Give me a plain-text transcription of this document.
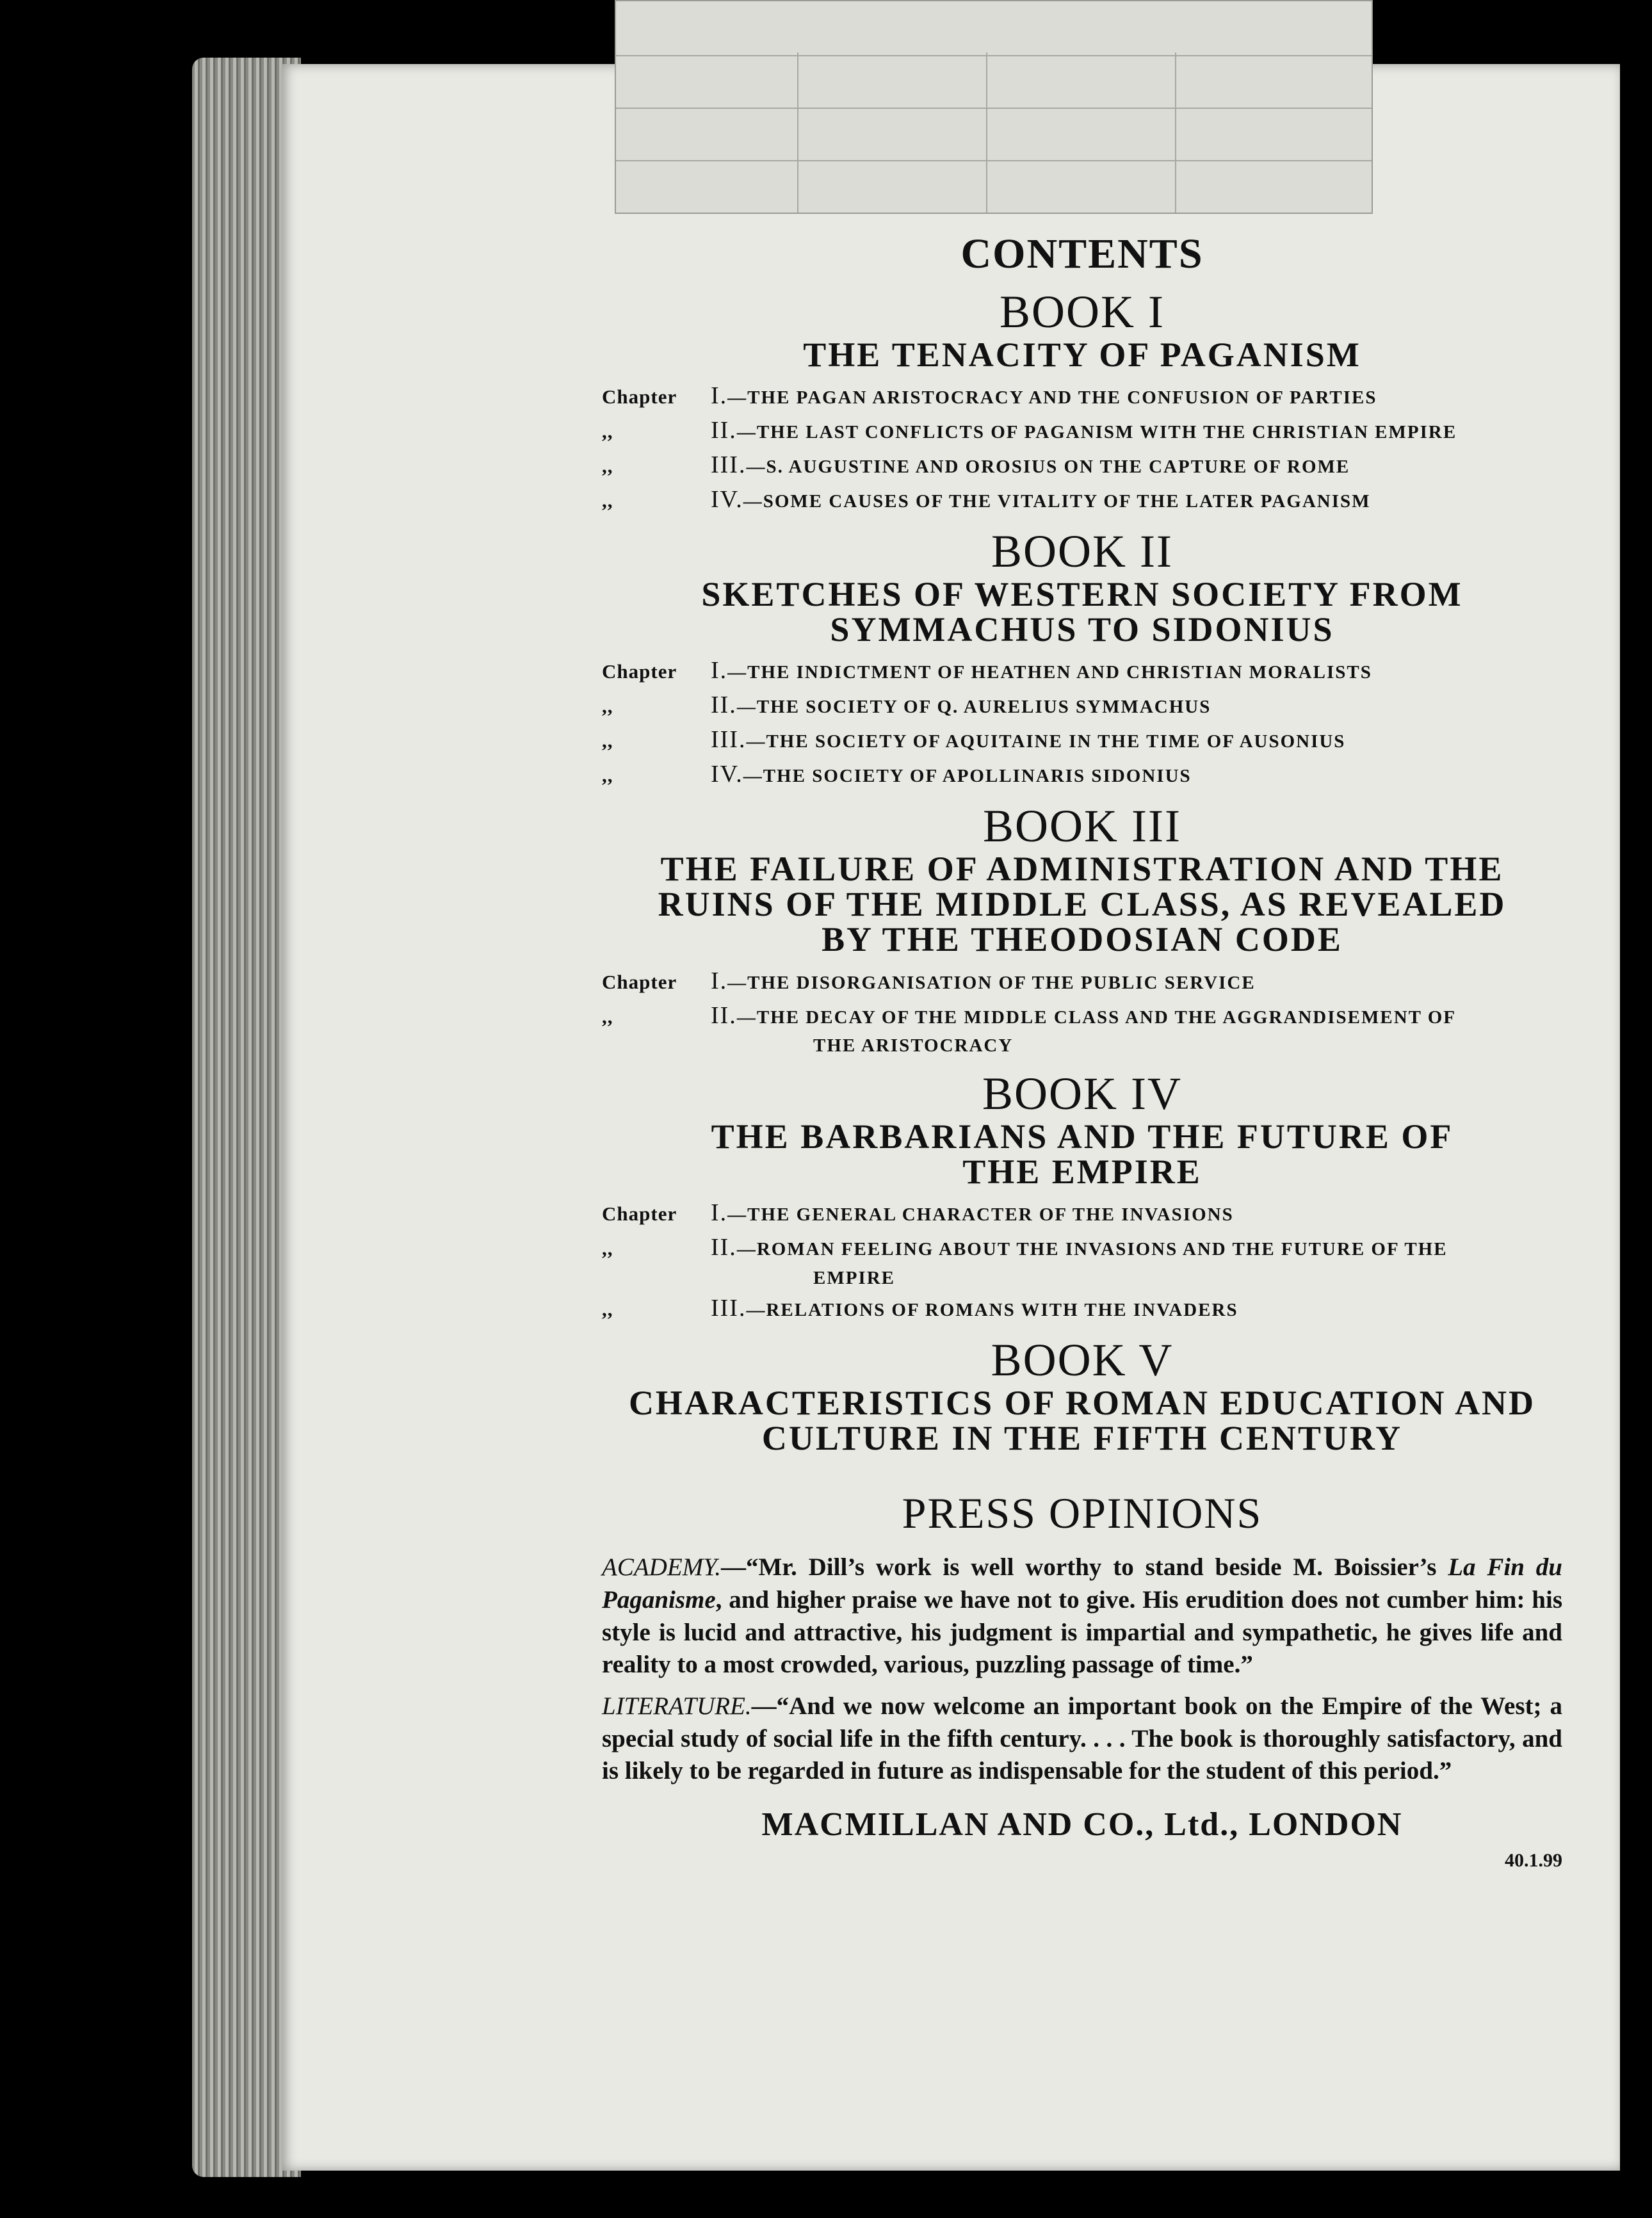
CONTENTS
BOOK I

THE TENACITY OF PAGANISM

Chapter I.—THE PAGAN ARISTOCRACY AND THE CONFUSION OF PARTIES

,,	II.—THE LAST CONFLICTS OF PAGANISM WITH THE CHRISTIAN EMPIRE

,,	III.—S. AUGUSTINE AND OROSIUS ON THE CAPTURE OF ROME

,,	IV.—SOME CAUSES OF THE VITALITY OF THE LATER PAGANISM

BOOK II

SKETCHES OF WESTERN SOCIETY FROM

SYMMACHUS TO SIDONIUS

Chapter I.—THE INDICTMENT OF HEATHEN AND CHRISTIAN MORALISTS

,,	II.—THE SOCIETY OF Q. AURELIUS SYMMACHUS

,,	III.—THE SOCIETY OF AQUITAINE IN THE TIME OF AUSONIUS

,,	IV.—THE SOCIETY OF APOLLINARIS SIDONIUS

BOOK III

THE FAILURE OF ADMINISTRATION AND THE

RUINS OF THE MIDDLE CLASS, AS REVEALED

BY THE THEODOSIAN CODE

Chapter I.—THE DISORGANISATION OF THE PUBLIC SERVICE

,,	II.—THE DECAY OF THE MIDDLE CLASS AND THE AGGRANDISEMENT OF

THE ARISTOCRACY

BOOK IV

THE BARBARIANS AND THE FUTURE OF

THE EMPIRE

Chapter I.—THE GENERAL CHARACTER OF THE INVASIONS

,,	II.—ROMAN FEELING ABOUT THE INVASIONS AND THE FUTURE OF THE

EMPIRE

,,	III.—RELATIONS OF ROMANS WITH THE INVADERS

BOOK V

CHARACTERISTICS OF ROMAN EDUCATION AND

CULTURE IN THE FIFTH CENTURY

PRESS OPINIONS

ACADEMY.—“Mr. Dill’s work is well worthy to stand beside M. Boissier’s La Fin du Paganisme, and higher praise we have not to give. His erudition does not cumber him: his style is lucid and attractive, his judgment is impartial and sympathetic, he gives life and reality to a most crowded, various, puzzling passage of time.”

LITERATURE.—“And we now welcome an important book on the Empire of the West; a special study of social life in the fifth century. . . . The book is thoroughly satisfactory, and is likely to be regarded in future as indispensable for the student of this period.”

MACMILLAN AND CO., Ltd., LONDON

40.1.99
